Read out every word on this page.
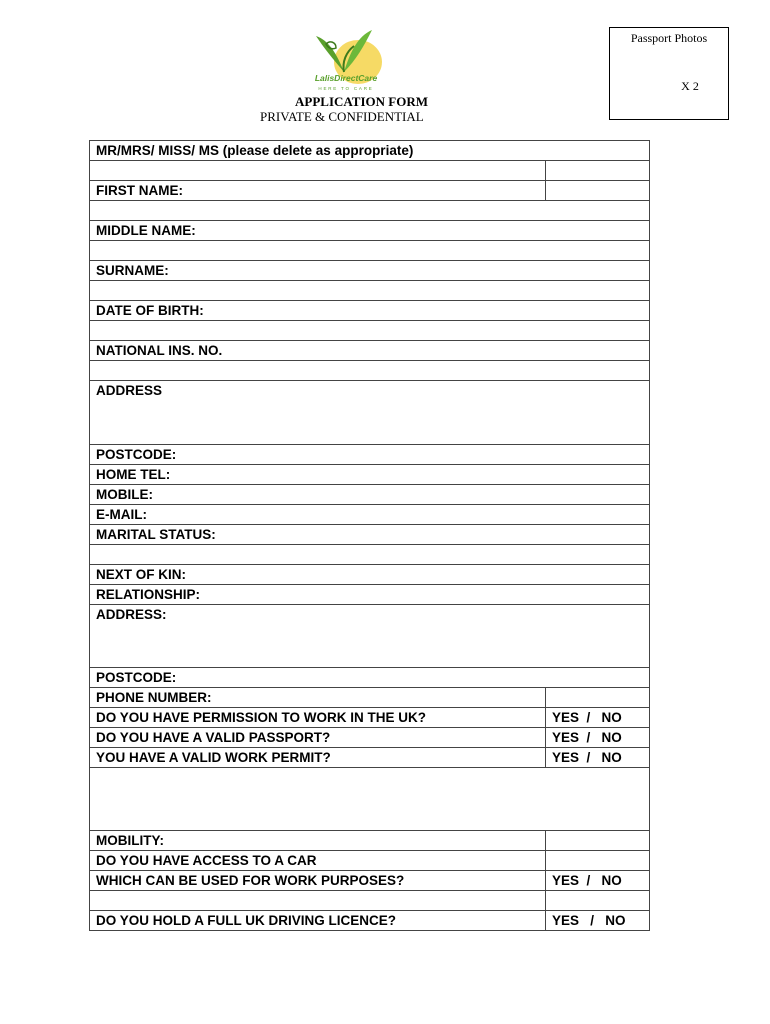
LalisDirectCare
HERE TO CARE
Passport Photos
X 2
APPLICATION FORM
PRIVATE & CONFIDENTIAL
MR/MRS/ MISS/ MS (please delete as appropriate)	

FIRST NAME:	

MIDDLE NAME:	

SURNAME:	

DATE OF BIRTH:	

NATIONAL INS. NO.	

ADDRESS	
POSTCODE:	
HOME TEL:	
MOBILE:	
E-MAIL:	
MARITAL STATUS:	

NEXT OF KIN:	
RELATIONSHIP:	
ADDRESS:	
POSTCODE:	
PHONE NUMBER:	
DO YOU HAVE PERMISSION TO WORK IN THE UK?	YES  /   NO
DO YOU HAVE A VALID PASSPORT?	YES  /   NO
YOU HAVE A VALID WORK PERMIT?	YES  /   NO

MOBILITY:	
DO YOU HAVE ACCESS TO A CAR	
WHICH CAN BE USED FOR WORK PURPOSES?	YES  /   NO

DO YOU HOLD A FULL UK DRIVING LICENCE?	YES   /   NO
